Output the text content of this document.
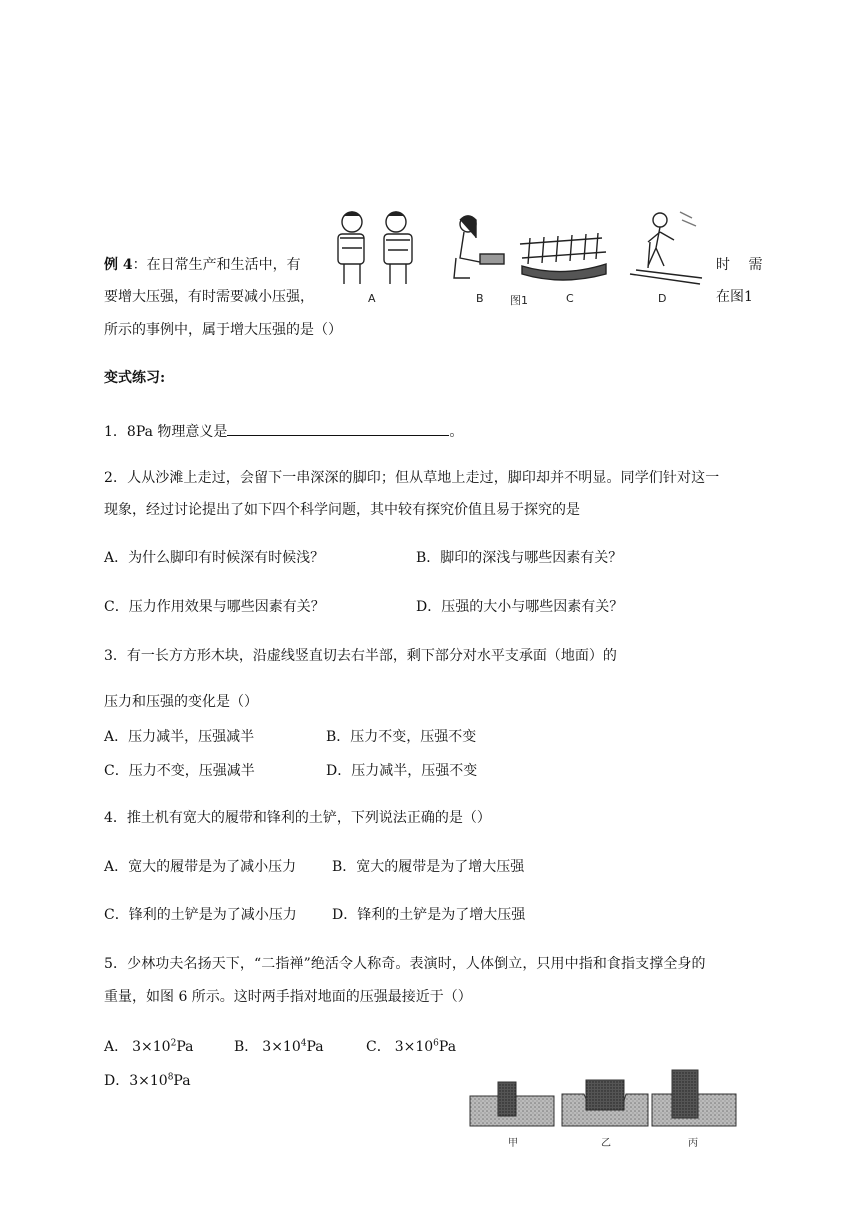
例 4：在日常生产和生活中，有	时 需
要增大压强，有时需要减小压强，	在图1
所示的事例中，属于增大压强的是（）
A	B 图1	C	D
变式练习:
1．8Pa 物理意义是	。
2．人从沙滩上走过，会留下一串深深的脚印；但从草地上走过，脚印却并不明显。同学们针对这一
现象，经过讨论提出了如下四个科学问题，其中较有探究价值且易于探究的是
A．为什么脚印有时候深有时候浅？	B．脚印的深浅与哪些因素有关？
C．压力作用效果与哪些因素有关？	D．压强的大小与哪些因素有关？
3．有一长方方形木块，沿虚线竖直切去右半部，剩下部分对水平支承面（地面）的
压力和压强的变化是（）
A．压力减半，压强减半	B．压力不变，压强不变
C．压力不变，压强减半	D．压力减半，压强不变
4．推土机有宽大的履带和锋利的土铲，下列说法正确的是（）
A．宽大的履带是为了减小压力	B．宽大的履带是为了增大压强
C．锋利的土铲是为了减小压力	D．锋利的土铲是为了增大压强
5．少林功夫名扬天下，“二指禅”绝活令人称奇。表演时，人体倒立，只用中指和食指支撑全身的
重量，如图 6 所示。这时两手指对地面的压强最接近于（）
A． $3\times 10^2Pa$	B． $3\times 10^4Pa$	C． $3\times 10^6Pa$
D．$3\times 10^8Pa$
甲	乙	丙
